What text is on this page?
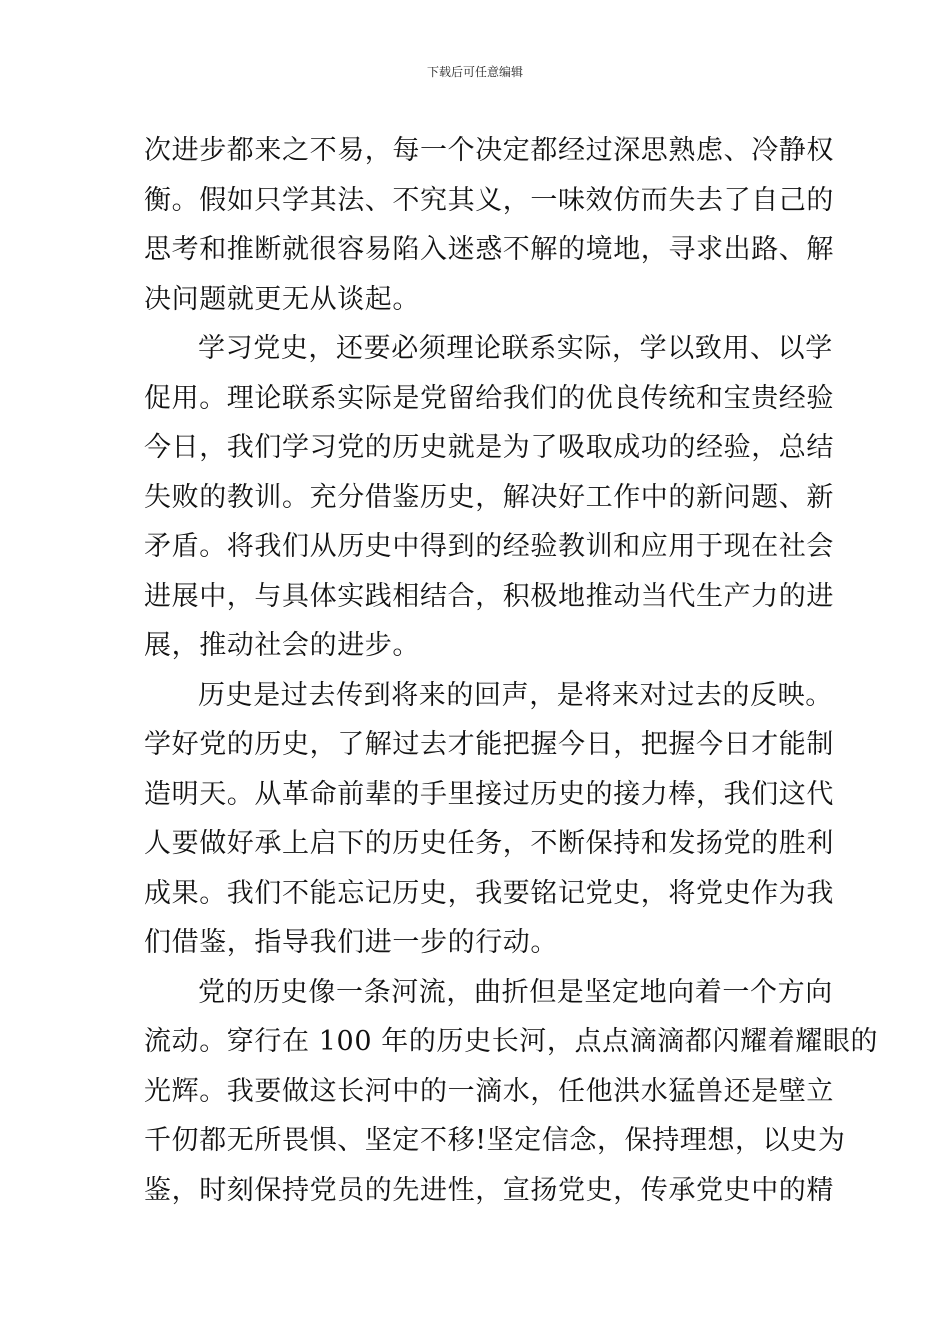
下载后可任意编辑
次进步都来之不易，每一个决定都经过深思熟虑、冷静权
衡。假如只学其法、不究其义，一味效仿而失去了自己的
思考和推断就很容易陷入迷惑不解的境地，寻求出路、解
决问题就更无从谈起。
学习党史，还要必须理论联系实际，学以致用、以学
促用。理论联系实际是党留给我们的优良传统和宝贵经验
今日，我们学习党的历史就是为了吸取成功的经验，总结
失败的教训。充分借鉴历史，解决好工作中的新问题、新
矛盾。将我们从历史中得到的经验教训和应用于现在社会
进展中，与具体实践相结合，积极地推动当代生产力的进
展，推动社会的进步。
历史是过去传到将来的回声，是将来对过去的反映。
学好党的历史，了解过去才能把握今日，把握今日才能制
造明天。从革命前辈的手里接过历史的接力棒，我们这代
人要做好承上启下的历史任务，不断保持和发扬党的胜利
成果。我们不能忘记历史，我要铭记党史，将党史作为我
们借鉴，指导我们进一步的行动。
党的历史像一条河流，曲折但是坚定地向着一个方向
流动。穿行在 100 年的历史长河，点点滴滴都闪耀着耀眼的
光辉。我要做这长河中的一滴水，任他洪水猛兽还是壁立
千仞都无所畏惧、坚定不移!坚定信念，保持理想，以史为
鉴，时刻保持党员的先进性，宣扬党史，传承党史中的精
